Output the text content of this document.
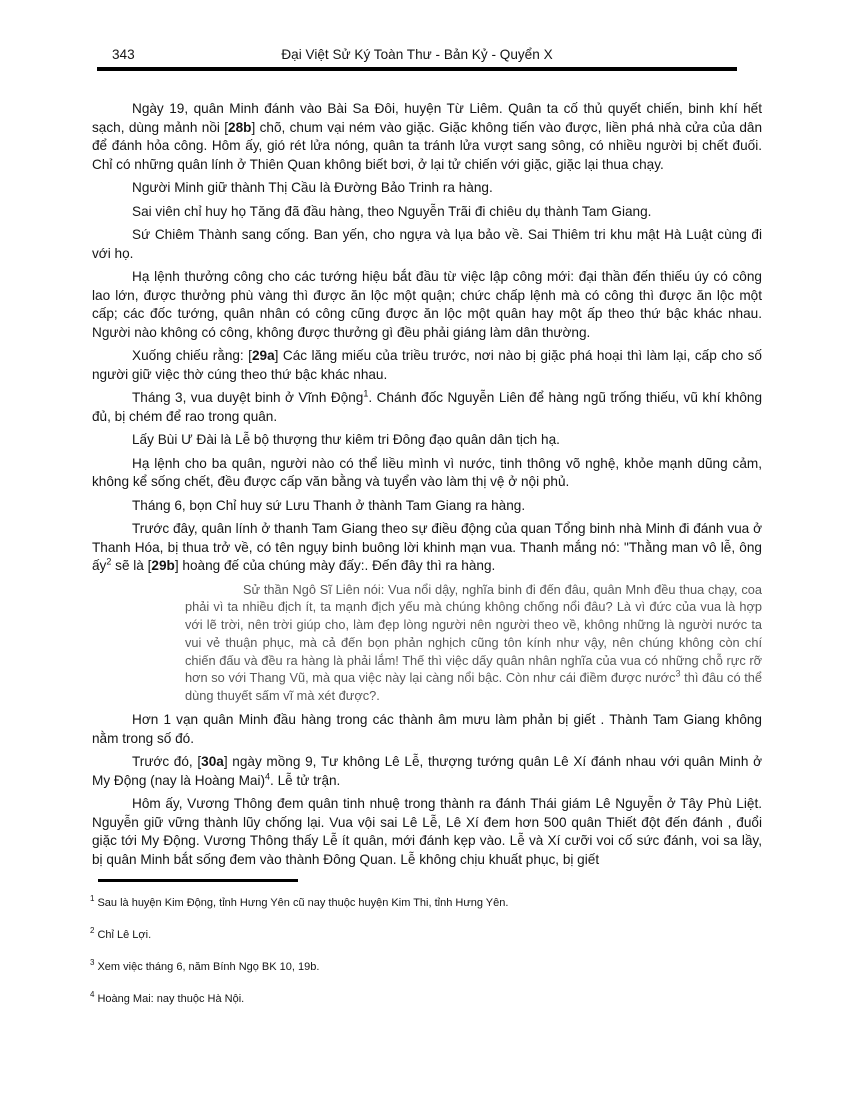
343	Đại Việt Sử Ký Toàn Thư - Bản Kỷ - Quyển X

Ngày 19, quân Minh đánh vào Bài Sa Đôi, huyện Từ Liêm. Quân ta cố thủ quyết chiến, binh khí hết sạch, dùng mảnh nồi [28b] chõ, chum vại ném vào giặc. Giặc không tiến vào được, liền phá nhà cửa của dân để đánh hỏa công. Hôm ấy, gió rét lửa nóng, quân ta tránh lửa vượt sang sông, có nhiều người bị chết đuối. Chỉ có những quân lính ở Thiên Quan không biết bơi, ở lại tử chiến với giặc, giặc lại thua chạy.

Người Minh giữ thành Thị Cầu là Đường Bảo Trinh ra hàng.

Sai viên chỉ huy họ Tăng đã đầu hàng, theo Nguyễn Trãi đi chiêu dụ thành Tam Giang.

Sứ Chiêm Thành sang cống. Ban yến, cho ngựa và lụa bảo về. Sai Thiêm tri khu mật Hà Luật cùng đi với họ.

Hạ lệnh thưởng công cho các tướng hiệu bắt đầu từ việc lập công mới: đại thần đến thiếu úy có công lao lớn, được thưởng phù vàng thì được ăn lộc một quận; chức chấp lệnh mà có công thì được ăn lộc một cấp; các đốc tướng, quân nhân có công cũng được ăn lộc một quân hay một ấp theo thứ bậc khác nhau. Người nào không có công, không được thưởng gì đều phải giáng làm dân thường.

Xuống chiếu rằng: [29a] Các lăng miếu của triều trước, nơi nào bị giặc phá hoại thì làm lại, cấp cho số người giữ việc thờ cúng theo thứ bậc khác nhau.

Tháng 3, vua duyệt binh ở Vĩnh Động$^1$. Chánh đốc Nguyễn Liên để hàng ngũ trống thiếu, vũ khí không đủ, bị chém để rao trong quân.

Lấy Bùi Ư Đài là Lễ bộ thượng thư kiêm tri Đông đạo quân dân tịch hạ.

Hạ lệnh cho ba quân, người nào có thể liều mình vì nước, tinh thông võ nghệ, khỏe mạnh dũng cảm, không kể sống chết, đều được cấp văn bằng và tuyển vào làm thị vệ ở nội phủ.

Tháng 6, bọn Chỉ huy sứ Lưu Thanh ở thành Tam Giang ra hàng.

Trước đây, quân lính ở thanh Tam Giang theo sự điều động của quan Tổng binh nhà Minh đi đánh vua ở Thanh Hóa, bị thua trở về, có tên ngụy binh buông lời khinh mạn vua. Thanh mắng nó: "Thằng man vô lễ, ông ấy$^2$ sẽ là [29b] hoàng đế của chúng mày đấy:. Đến đây thì ra hàng.

Sử thần Ngô Sĩ Liên nói: Vua nổi dậy, nghĩa binh đi đến đâu, quân Mnh đều thua chạy, coa phải vì ta nhiều địch ít, ta mạnh địch yếu mà chúng không chống nổi đâu? Là vì đức của vua là hợp với lẽ trời, nên trời giúp cho, làm đẹp lòng người nên người theo về, không những là người nước ta vui vẻ thuận phục, mà cả đến bọn phản nghịch cũng tôn kính như vậy, nên chúng không còn chí chiến đấu và đều ra hàng là phải lắm! Thế thì việc dấy quân nhân nghĩa của vua có những chỗ rực rỡ hơn so với Thang Vũ, mà qua việc này lại càng nổi bậc. Còn như cái điềm được nước$^3$ thì đâu có thể dùng thuyết sấm vĩ mà xét được?.

Hơn 1 vạn quân Minh đầu hàng trong các thành âm mưu làm phản bị giết . Thành Tam Giang không nằm trong số đó.

Trước đó, [30a] ngày mồng 9, Tư không Lê Lễ, thượng tướng quân Lê Xí đánh nhau với quân Minh ở My Động (nay là Hoàng Mai)$^4$. Lễ tử trận.

Hôm ấy, Vương Thông đem quân tinh nhuệ trong thành ra đánh Thái giám Lê Nguyễn ở Tây Phù Liệt. Nguyễn giữ vững thành lũy chống lại. Vua vội sai Lê Lễ, Lê Xí đem hơn 500 quân Thiết đột đến đánh , đuổi giặc tới My Động. Vương Thông thấy Lễ ít quân, mới đánh kẹp vào. Lễ và Xí cưỡi voi cố sức đánh, voi sa lầy, bị quân Minh bắt sống đem vào thành Đông Quan. Lễ không chịu khuất phục, bị giết

$^1$ Sau là huyện Kim Động, tỉnh Hưng Yên cũ nay thuộc huyện Kim Thi, tỉnh Hưng Yên.
$^2$ Chỉ Lê Lợi.
$^3$ Xem việc tháng 6, năm Bính Ngọ BK 10, 19b.
$^4$ Hoàng Mai: nay thuộc Hà Nội.
